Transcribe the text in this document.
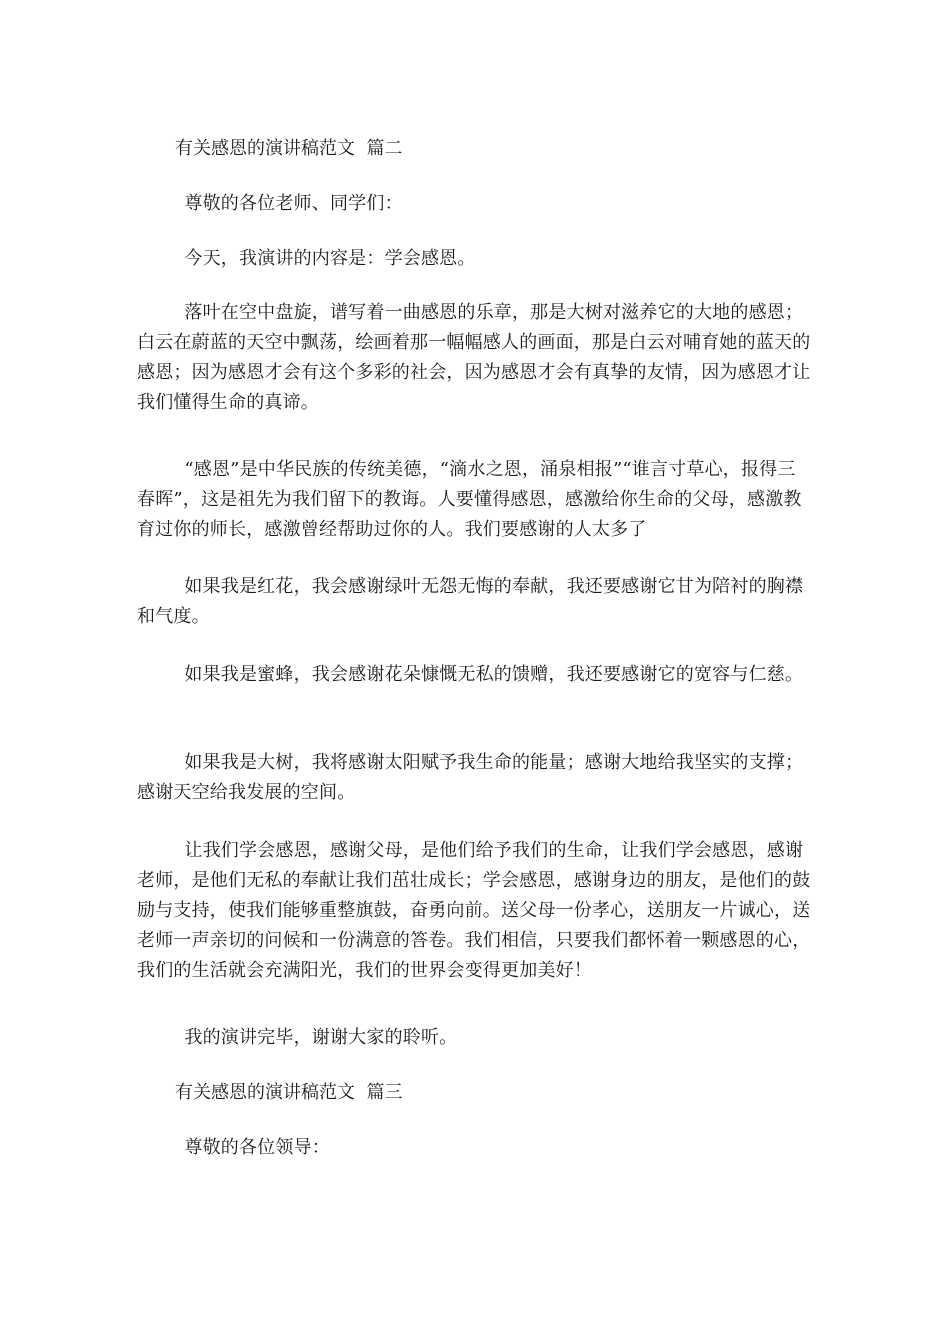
有关感恩的演讲稿范文  篇二

尊敬的各位老师、同学们：

今天，我演讲的内容是：学会感恩。

落叶在空中盘旋，谱写着一曲感恩的乐章，那是大树对滋养它的大地的感恩；白云在蔚蓝的天空中飘荡，绘画着那一幅幅感人的画面，那是白云对哺育她的蓝天的感恩；因为感恩才会有这个多彩的社会，因为感恩才会有真挚的友情，因为感恩才让我们懂得生命的真谛。

“感恩”是中华民族的传统美德，“滴水之恩，涌泉相报”“谁言寸草心，报得三春晖”，这是祖先为我们留下的教诲。人要懂得感恩，感激给你生命的父母，感激教育过你的师长，感激曾经帮助过你的人。我们要感谢的人太多了

如果我是红花，我会感谢绿叶无怨无悔的奉献，我还要感谢它甘为陪衬的胸襟和气度。

如果我是蜜蜂，我会感谢花朵慷慨无私的馈赠，我还要感谢它的宽容与仁慈。

如果我是大树，我将感谢太阳赋予我生命的能量；感谢大地给我坚实的支撑；感谢天空给我发展的空间。

让我们学会感恩，感谢父母，是他们给予我们的生命，让我们学会感恩，感谢老师，是他们无私的奉献让我们茁壮成长；学会感恩，感谢身边的朋友，是他们的鼓励与支持，使我们能够重整旗鼓，奋勇向前。送父母一份孝心，送朋友一片诚心，送老师一声亲切的问候和一份满意的答卷。我们相信，只要我们都怀着一颗感恩的心，我们的生活就会充满阳光，我们的世界会变得更加美好！

我的演讲完毕，谢谢大家的聆听。

有关感恩的演讲稿范文  篇三

尊敬的各位领导：
